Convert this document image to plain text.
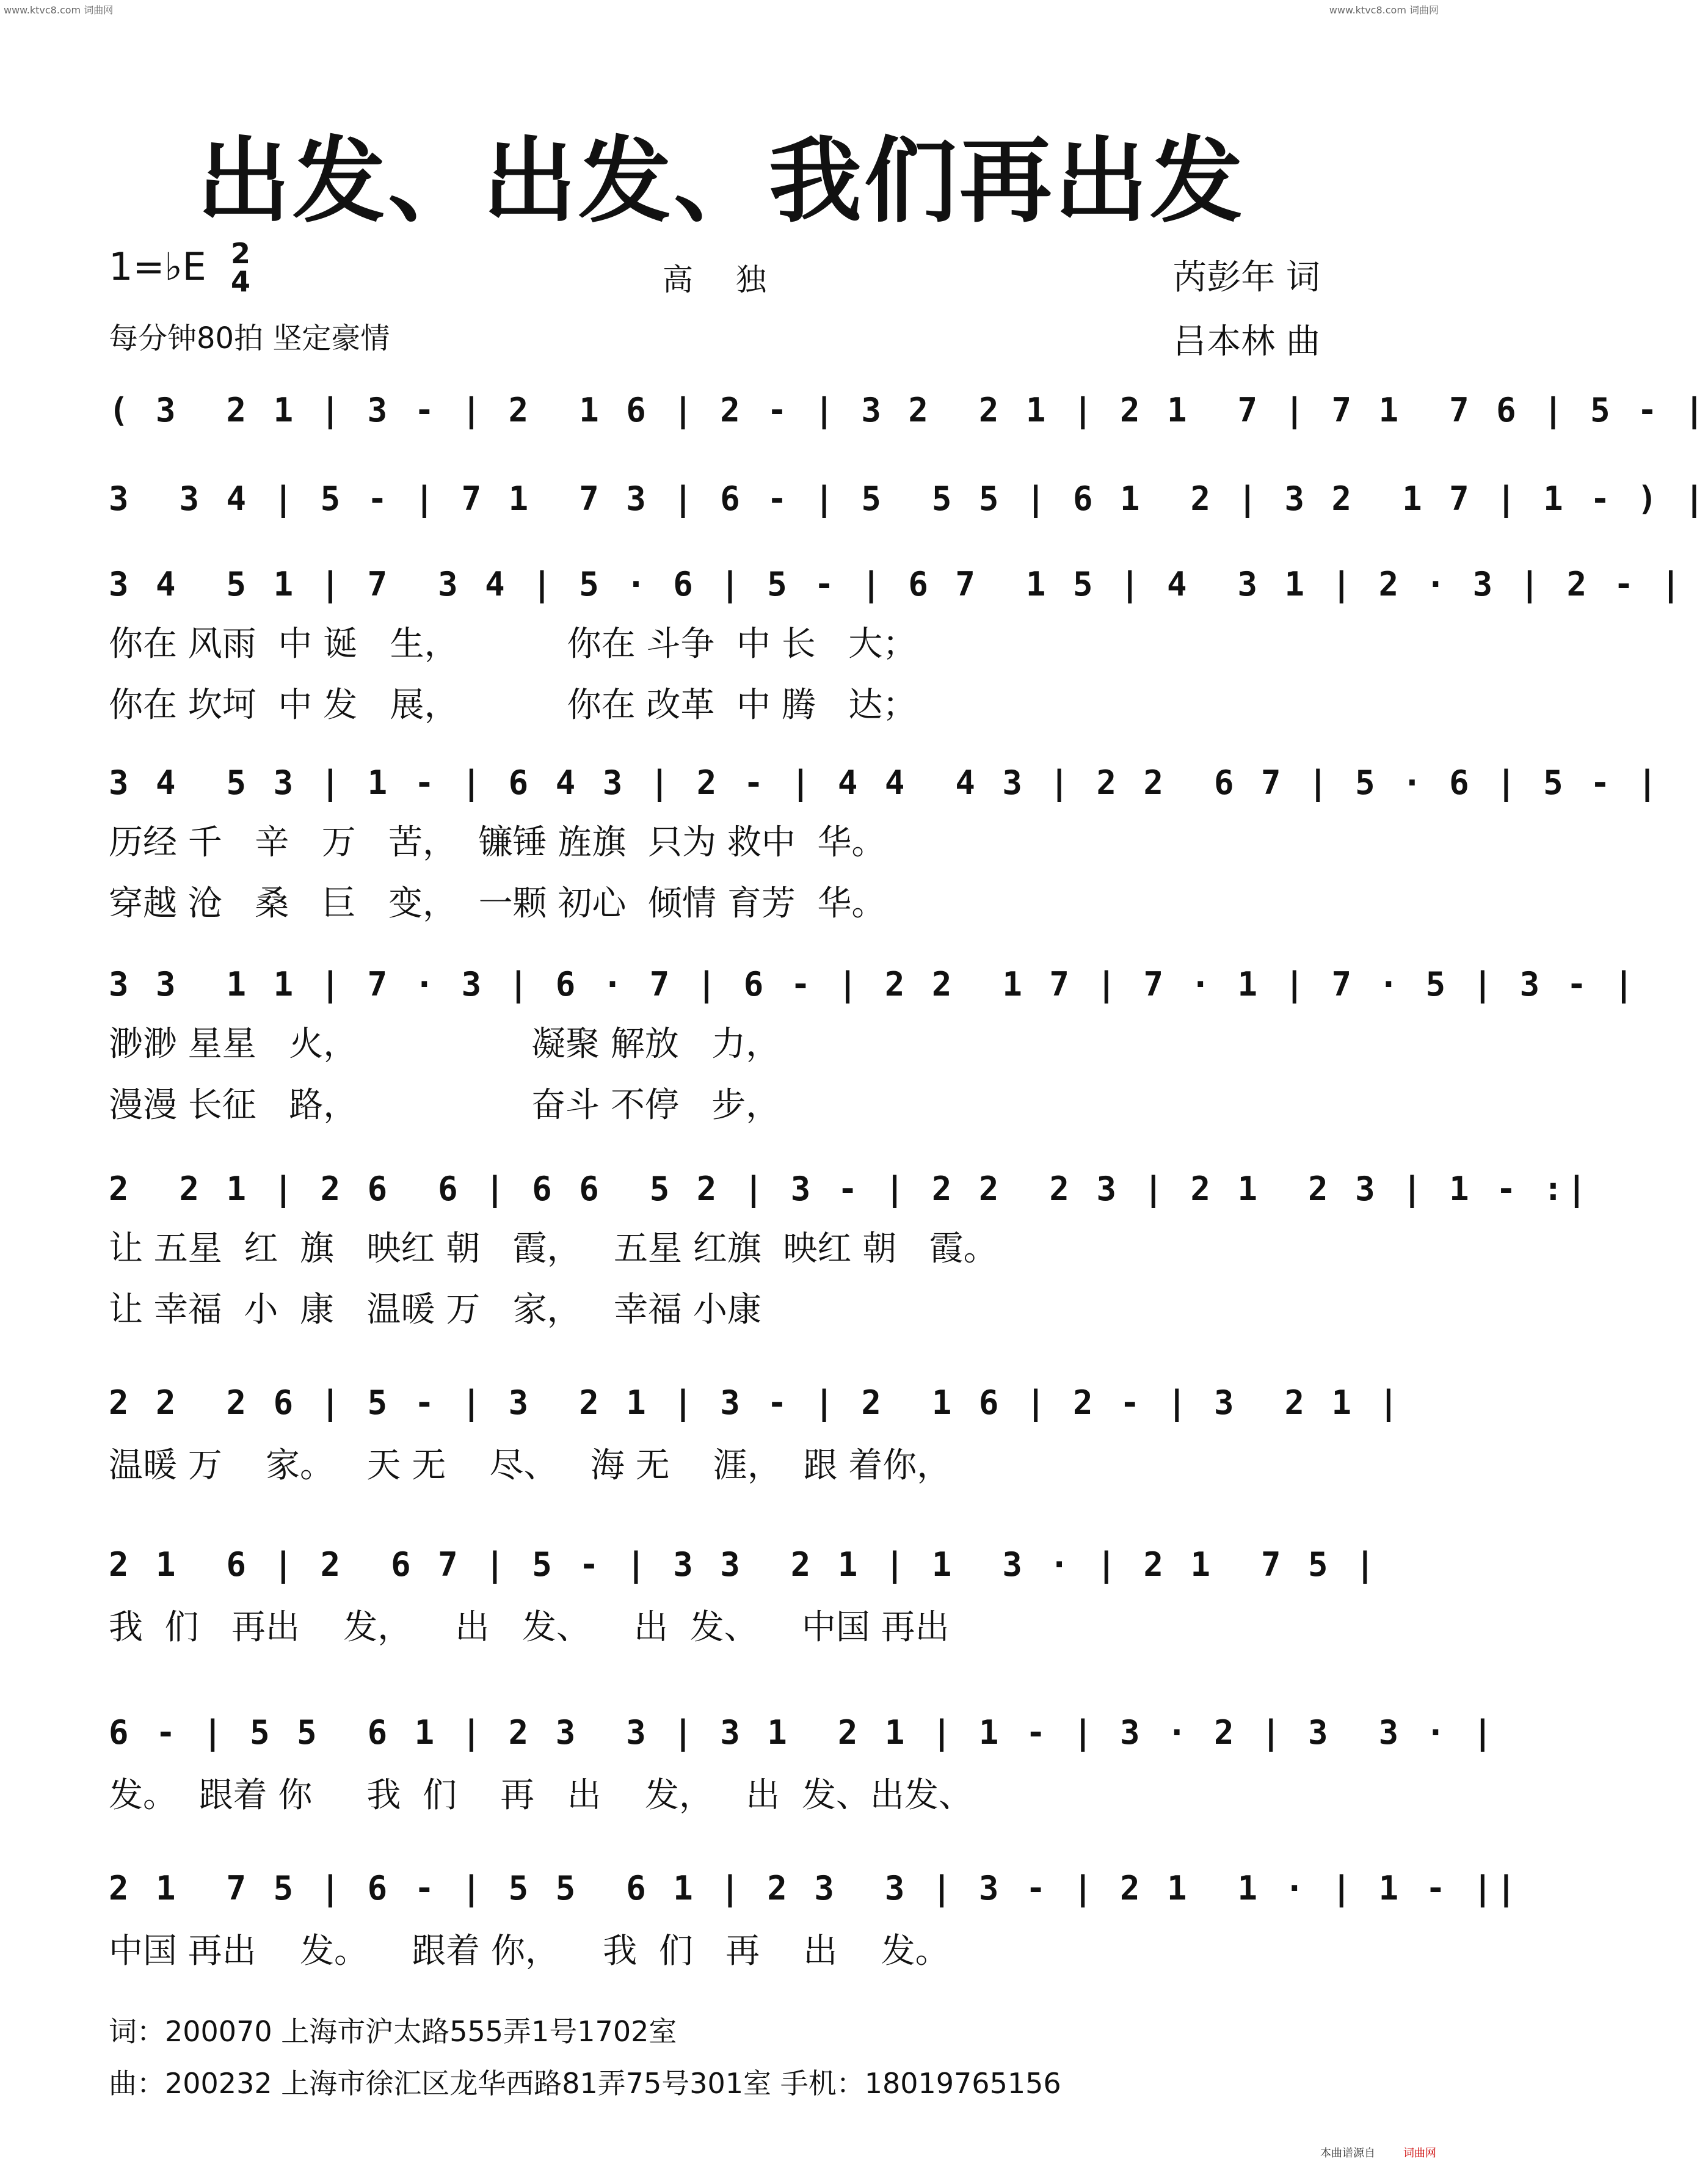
www.ktvc8.com 词曲网	www.ktvc8.com 词曲网
出发、出发、我们再出发
1=♭E 2
4	高独	芮彭年 词
每分钟80拍 坚定豪情	吕本林 曲
( 3  2 1 | 3 - | 2  1 6 | 2 - | 3 2  2 1 | 2 1  7 | 7 1  7 6 | 5 - |
3  3 4 | 5 - | 7 1  7 3 | 6 - | 5  5 5 | 6 1  2 | 3 2  1 7 | 1 - ) |
3 4  5 1 | 7  3 4 | 5 · 6 | 5 - | 6 7  1 5 | 4  3 1 | 2 · 3 | 2 - |
你在 风雨  中 诞   生，          你在 斗争  中 长   大；
你在 坎坷  中 发   展，          你在 改革  中 腾   达；
3 4  5 3 | 1 - | 6 4 3 | 2 - | 4 4  4 3 | 2 2  6 7 | 5 · 6 | 5 - |
历经 千   辛   万   苦，  镰锤 旌旗  只为 救中  华。
穿越 沧   桑   巨   变，  一颗 初心  倾情 育芳  华。
3 3  1 1 | 7 · 3 | 6 · 7 | 6 - | 2 2  1 7 | 7 · 1 | 7 · 5 | 3 - |
渺渺 星星   火，                凝聚 解放   力，
漫漫 长征   路，                奋斗 不停   步，
2  2 1 | 2 6  6 | 6 6  5 2 | 3 - | 2 2  2 3 | 2 1  2 3 | 1 - :|
让 五星  红  旗   映红 朝   霞，   五星 红旗  映红 朝   霞。
让 幸福  小  康   温暖 万   家，   幸福 小康
2 2  2 6 | 5 - | 3  2 1 | 3 - | 2  1 6 | 2 - | 3  2 1 |
温暖 万    家。   天 无    尽、   海 无    涯，  跟 着你，
2 1  6 | 2  6 7 | 5 - | 3 3  2 1 | 1  3 · | 2 1  7 5 |
我  们   再出    发，    出   发、    出  发、    中国 再出
6 - | 5 5  6 1 | 2 3  3 | 3 1  2 1 | 1 - | 3 · 2 | 3  3 · |
发。  跟着 你     我  们    再   出    发，   出  发、出发、
2 1  7 5 | 6 - | 5 5  6 1 | 2 3  3 | 3 - | 2 1  1 · | 1 - ||
中国 再出    发。    跟着 你，    我  们   再    出    发。
词：200070 上海市沪太路555弄1号1702室
曲：200232 上海市徐汇区龙华西路81弄75号301室 手机：18019765156
本曲谱源自	词曲网
